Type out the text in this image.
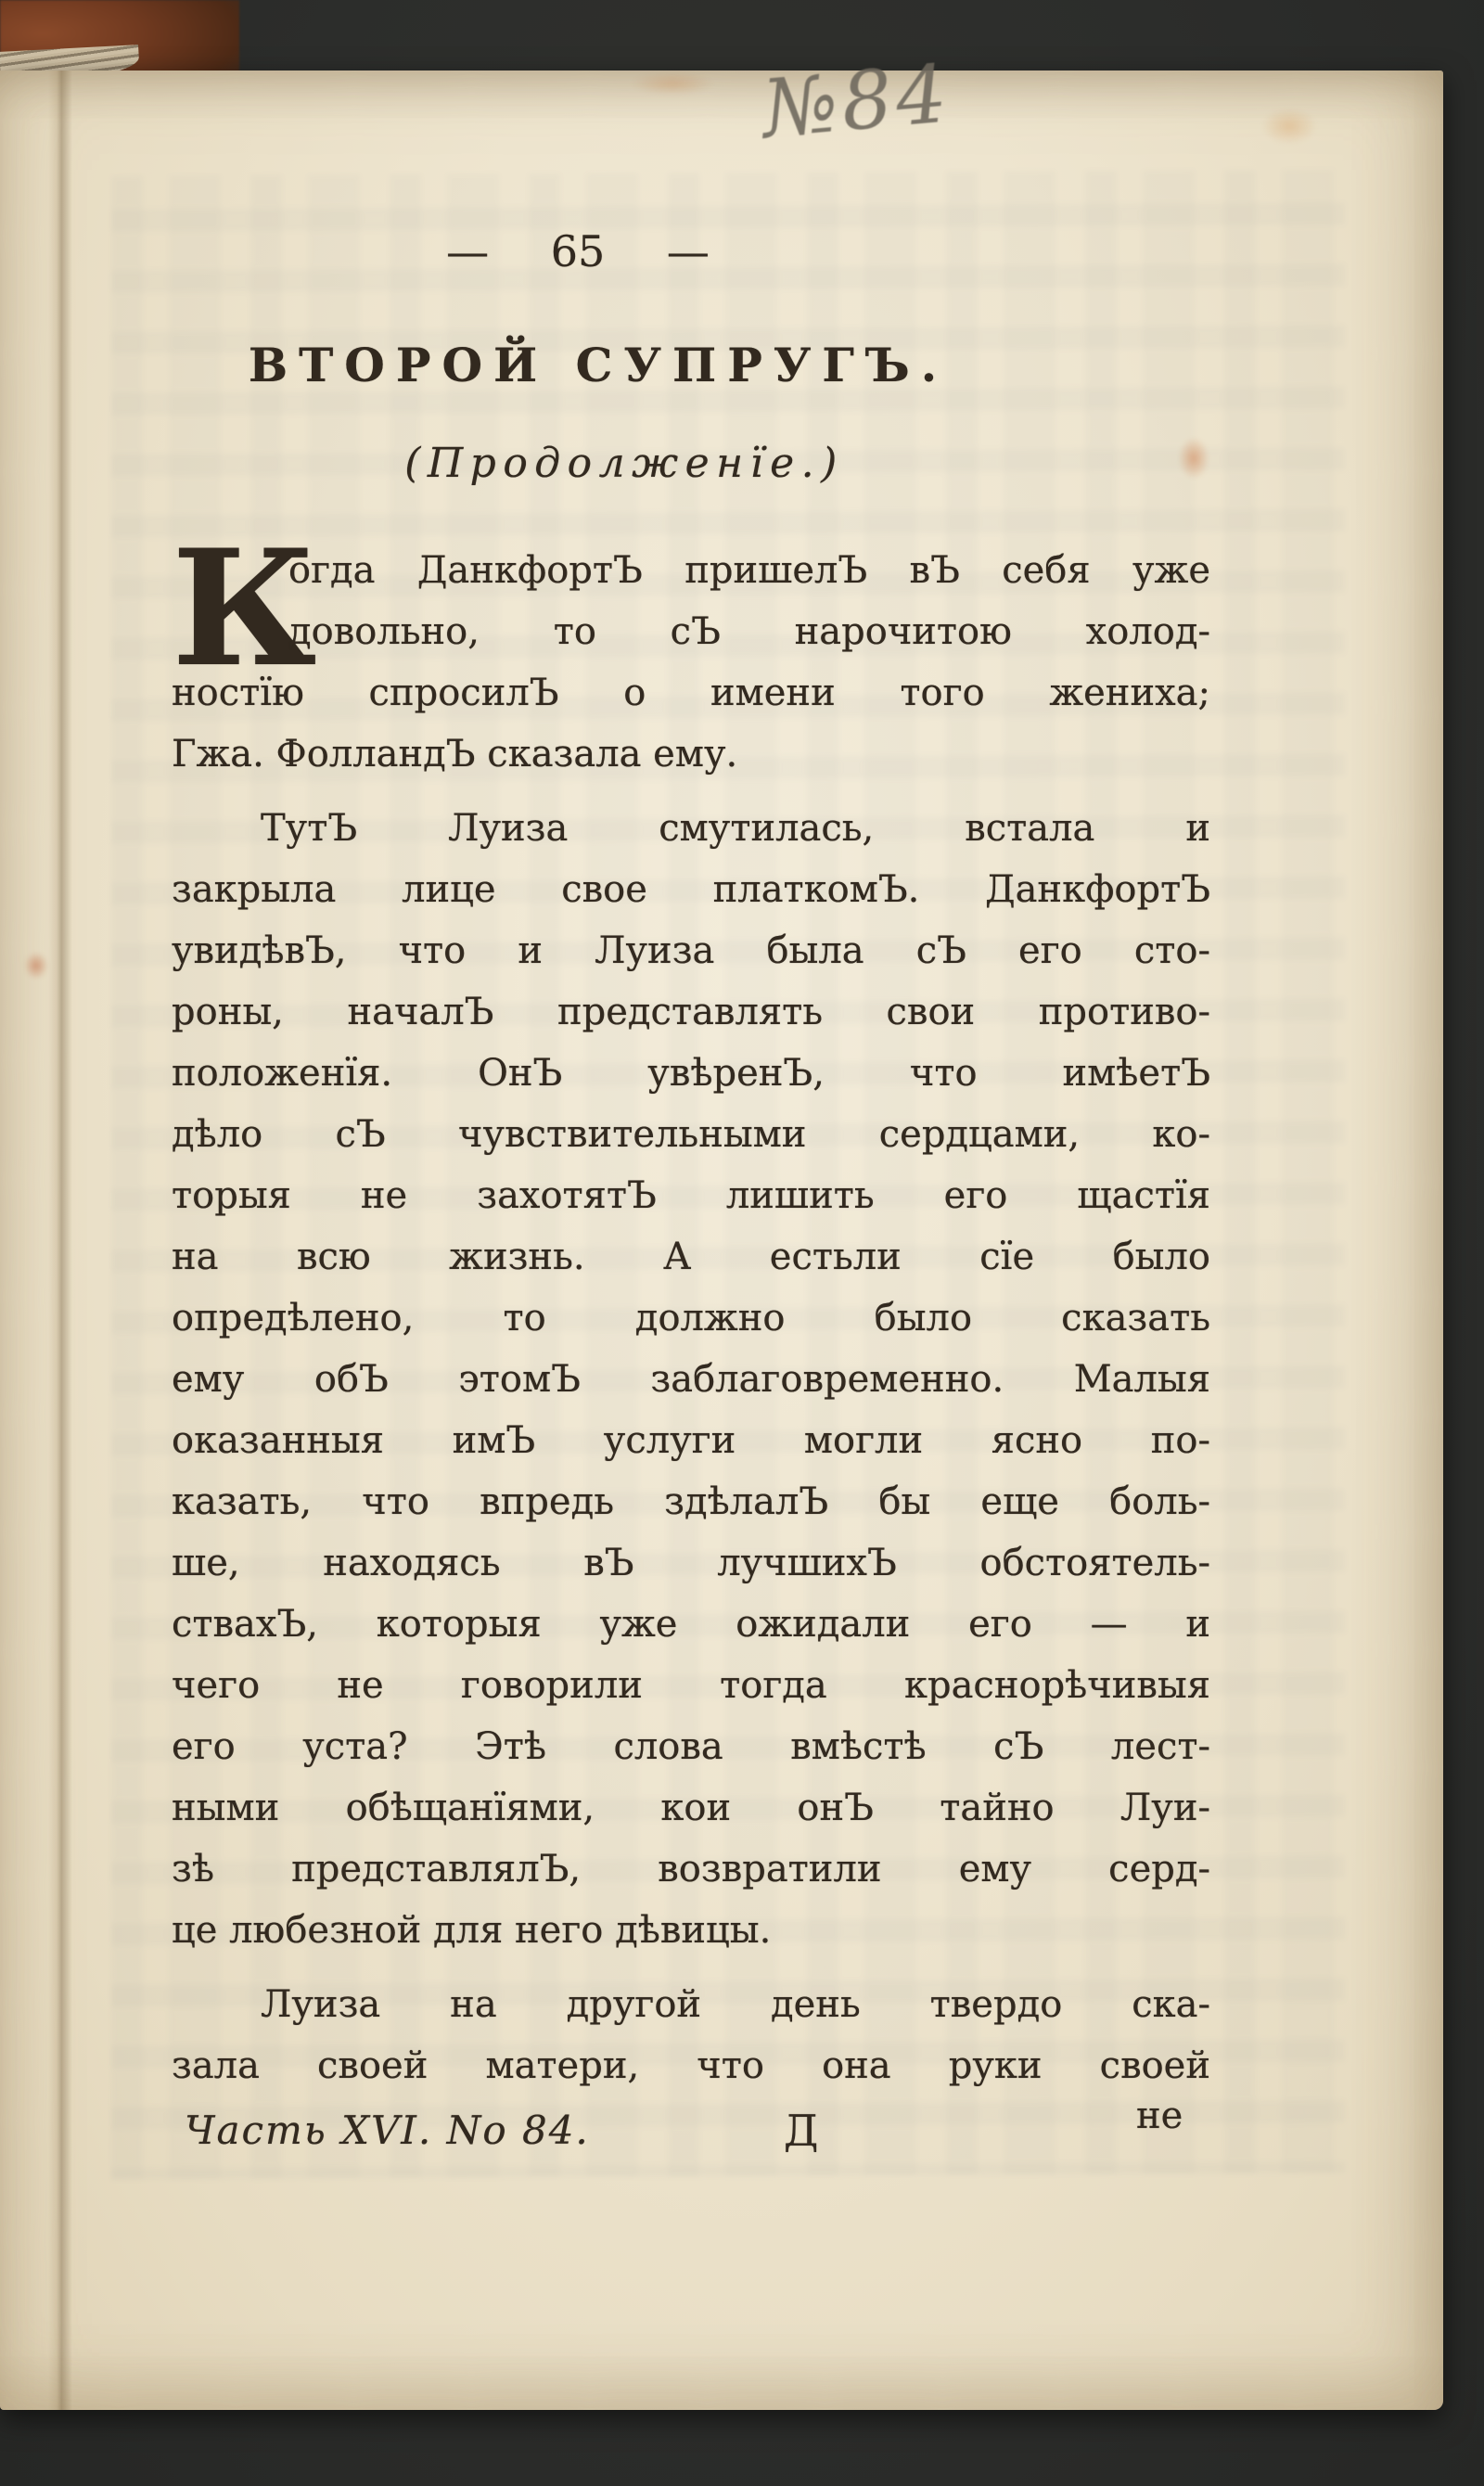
№84
— 65 —
ВТОРОЙ СУПРУГЪ.
(Продолженїе.)
К
огда ДанкфортЪ пришелЪ вЪ себя уже
довольно, то сЪ нарочитою холод-
ностїю спросилЪ о имени того жениха;
Гжа. ФолландЪ сказала ему.
ТутЪ Луиза смутилась, встала и
закрыла лице свое платкомЪ. ДанкфортЪ
увидѣвЪ, что и Луиза была сЪ его сто-
роны, началЪ представлять свои противо-
положенїя. ОнЪ увѣренЪ, что имѣетЪ
дѣло сЪ чувствительными сердцами, ко-
торыя не захотятЪ лишить его щастїя
на всю жизнь. А естьли сїе было
опредѣлено, то должно было сказать
ему обЪ этомЪ заблаговременно. Малыя
оказанныя имЪ услуги могли ясно по-
казать, что впредь здѣлалЪ бы еще боль-
ше, находясь вЪ лучшихЪ обстоятель-
ствахЪ, которыя уже ожидали его — и
чего не говорили тогда краснорѣчивыя
его уста? Этѣ слова вмѣстѣ сЪ лест-
ными обѣщанїями, кои онЪ тайно Луи-
зѣ представлялЪ, возвратили ему серд-
це любезной для него дѣвицы.
Луиза на другой день твердо ска-
зала своей матери, что она руки своей
Часть XVI. No 84.	Д	не
